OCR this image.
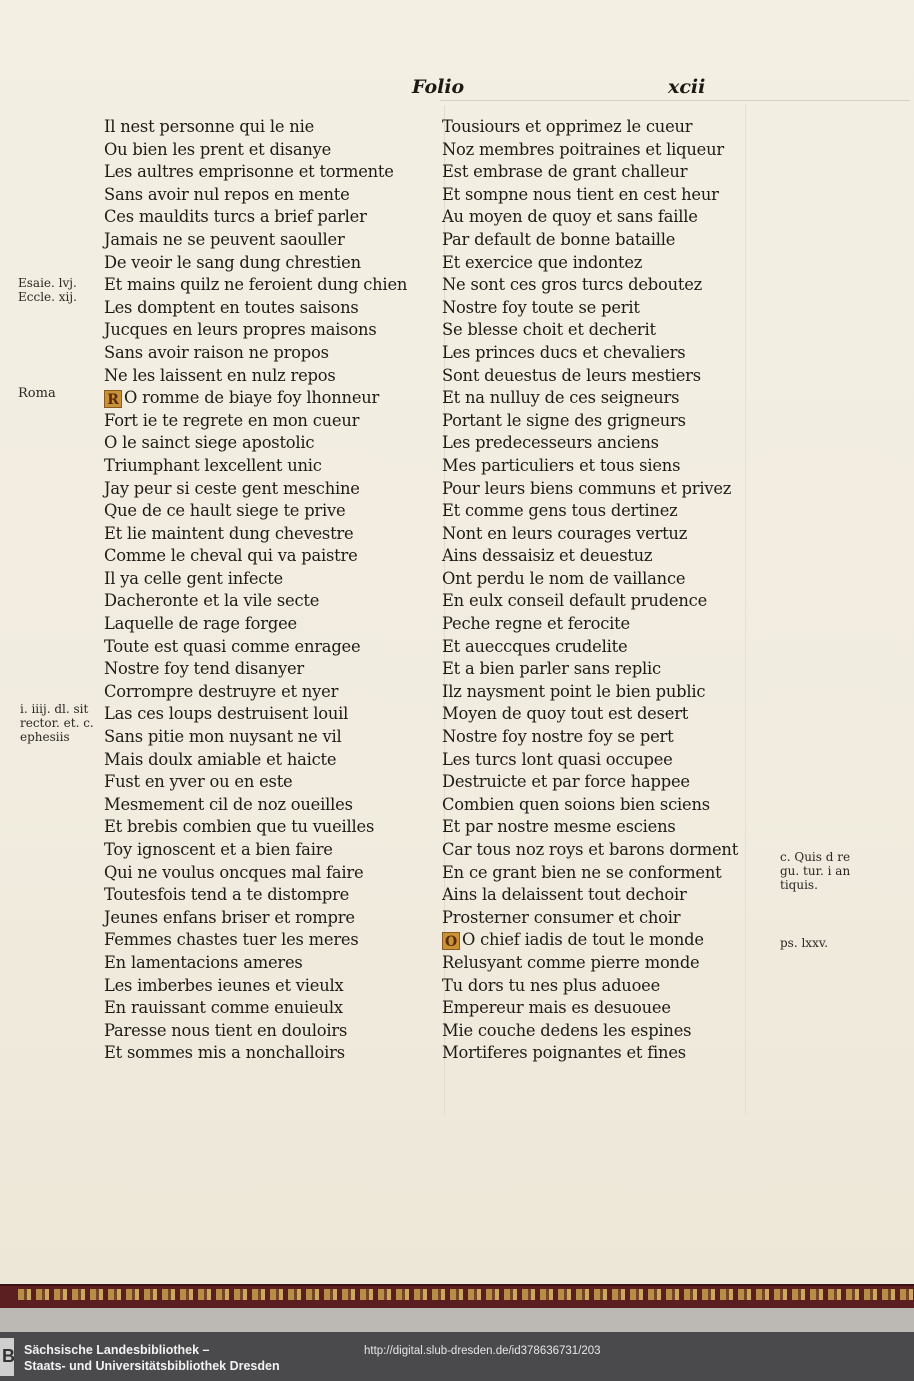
Folio	xcii
Il nest personne qui le nie
Ou bien les prent et disanye
Les aultres emprisonne et tormente
Sans avoir nul repos en mente
Ces mauldits turcs a brief parler
Jamais ne se peuvent saouller
De veoir le sang dung chrestien
Et mains quilz ne feroient dung chien
Les domptent en toutes saisons
Jucques en leurs propres maisons
Sans avoir raison ne propos
Ne les laissent en nulz repos
R O romme de biaye foy lhonneur
Fort ie te regrete en mon cueur
O le sainct siege apostolic
Triumphant lexcellent unic
Jay peur si ceste gent meschine
Que de ce hault siege te prive
Et lie maintent dung chevestre
Comme le cheval qui va paistre
Il ya celle gent infecte
Dacheronte et la vile secte
Laquelle de rage forgee
Toute est quasi comme enragee
Nostre foy tend disanyer
Corrompre destruyre et nyer
Las ces loups destruisent louil
Sans pitie mon nuysant ne vil
Mais doulx amiable et haicte
Fust en yver ou en este
Mesmement cil de noz oueilles
Et brebis combien que tu vueilles
Toy ignoscent et a bien faire
Qui ne voulus oncques mal faire
Toutesfois tend a te distompre
Jeunes enfans briser et rompre
Femmes chastes tuer les meres
En lamentacions ameres
Les imberbes ieunes et vieulx
En rauissant comme enuieulx
Paresse nous tient en douloirs
Et sommes mis a nonchalloirs
Tousiours et opprimez le cueur
Noz membres poitraines et liqueur
Est embrase de grant challeur
Et sompne nous tient en cest heur
Au moyen de quoy et sans faille
Par default de bonne bataille
Et exercice que indontez
Ne sont ces gros turcs deboutez
Nostre foy toute se perit
Se blesse choit et decherit
Les princes ducs et chevaliers
Sont deuestus de leurs mestiers
Et na nulluy de ces seigneurs
Portant le signe des grigneurs
Les predecesseurs anciens
Mes particuliers et tous siens
Pour leurs biens communs et privez
Et comme gens tous dertinez
Nont en leurs courages vertuz
Ains dessaisiz et deuestuz
Ont perdu le nom de vaillance
En eulx conseil default prudence
Peche regne et ferocite
Et aueccques crudelite
Et a bien parler sans replic
Ilz naysment point le bien public
Moyen de quoy tout est desert
Nostre foy nostre foy se pert
Les turcs lont quasi occupee
Destruicte et par force happee
Combien quen soions bien sciens
Et par nostre mesme esciens
Car tous noz roys et barons dorment
En ce grant bien ne se conforment
Ains la delaissent tout dechoir
Prosterner consumer et choir
O O chief iadis de tout le monde
Relusyant comme pierre monde
Tu dors tu nes plus aduoee
Empereur mais es desuouee
Mie couche dedens les espines
Mortiferes poignantes et fines
Esaie. lvj.
Eccle. xij.
Roma
i. iiij. dl. sit
rector. et. c.
ephesiis
c. Quis d re
gu. tur. i an
tiquis.
ps. lxxv.
B Sächsische Landesbibliothek –
Staats- und Universitätsbibliothek Dresden
http://digital.slub-dresden.de/id378636731/203
